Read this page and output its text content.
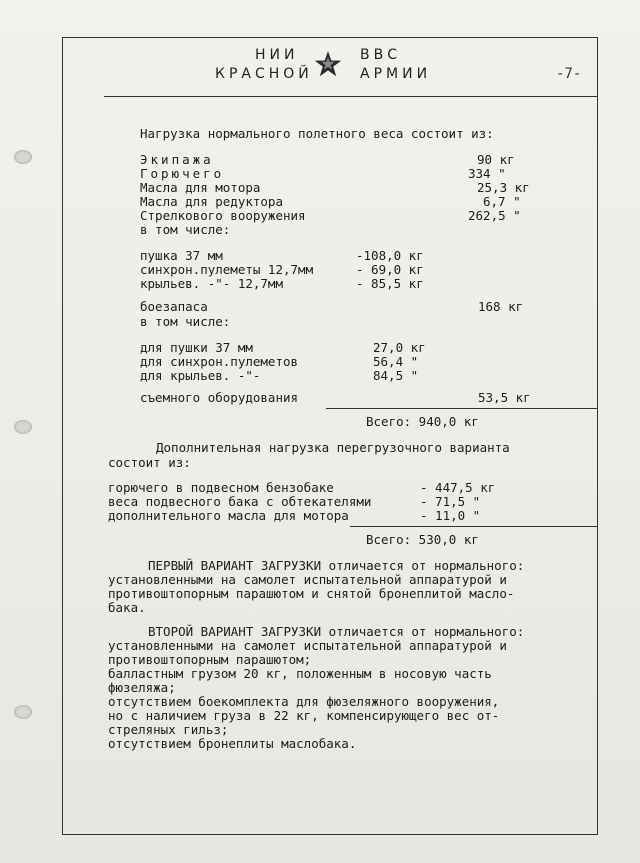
НИИ
КРАСНОЙ
ВВС
АРМИИ	-7-
Нагрузка нормального полетного веса состоит из:
Экипажа	90 кг
Горючего	334 "
Масла для мотора	25,3 кг
Масла для редуктора	6,7 "
Стрелкового вооружения	262,5 "
в том числе:
пушка 37 мм	-108,0 кг
синхрон.пулеметы 12,7мм	- 69,0 кг
крыльев. -"- 12,7мм	- 85,5 кг
боезапаса	168 кг
в том числе:
для пушки 37 мм	27,0 кг
для синхрон.пулеметов	56,4 "
для крыльев. -"-	84,5 "
съемного оборудования	53,5 кг
Всего: 940,0 кг
Дополнительная нагрузка перегрузочного варианта
состоит из:
горючего в подвесном бензобаке	- 447,5 кг
веса подвесного бака с обтекателями	- 71,5 "
дополнительного масла для мотора	- 11,0 "
Всего: 530,0 кг
ПЕРВЫЙ ВАРИАНТ ЗАГРУЗКИ отличается от нормального:
установленными на самолет испытательной аппаратурой и
противоштопорным парашютом и снятой бронеплитой масло-
бака.
ВТОРОЙ ВАРИАНТ ЗАГРУЗКИ отличается от нормального:
установленными на самолет испытательной аппаратурой и
противоштопорным парашютом;
балластным грузом 20 кг, положенным в носовую часть
фюзеляжа;
отсутствием боекомплекта для фюзеляжного вооружения,
но с наличием груза в 22 кг, компенсирующего вес от-
стреляных гильз;
отсутствием бронеплиты маслобака.
